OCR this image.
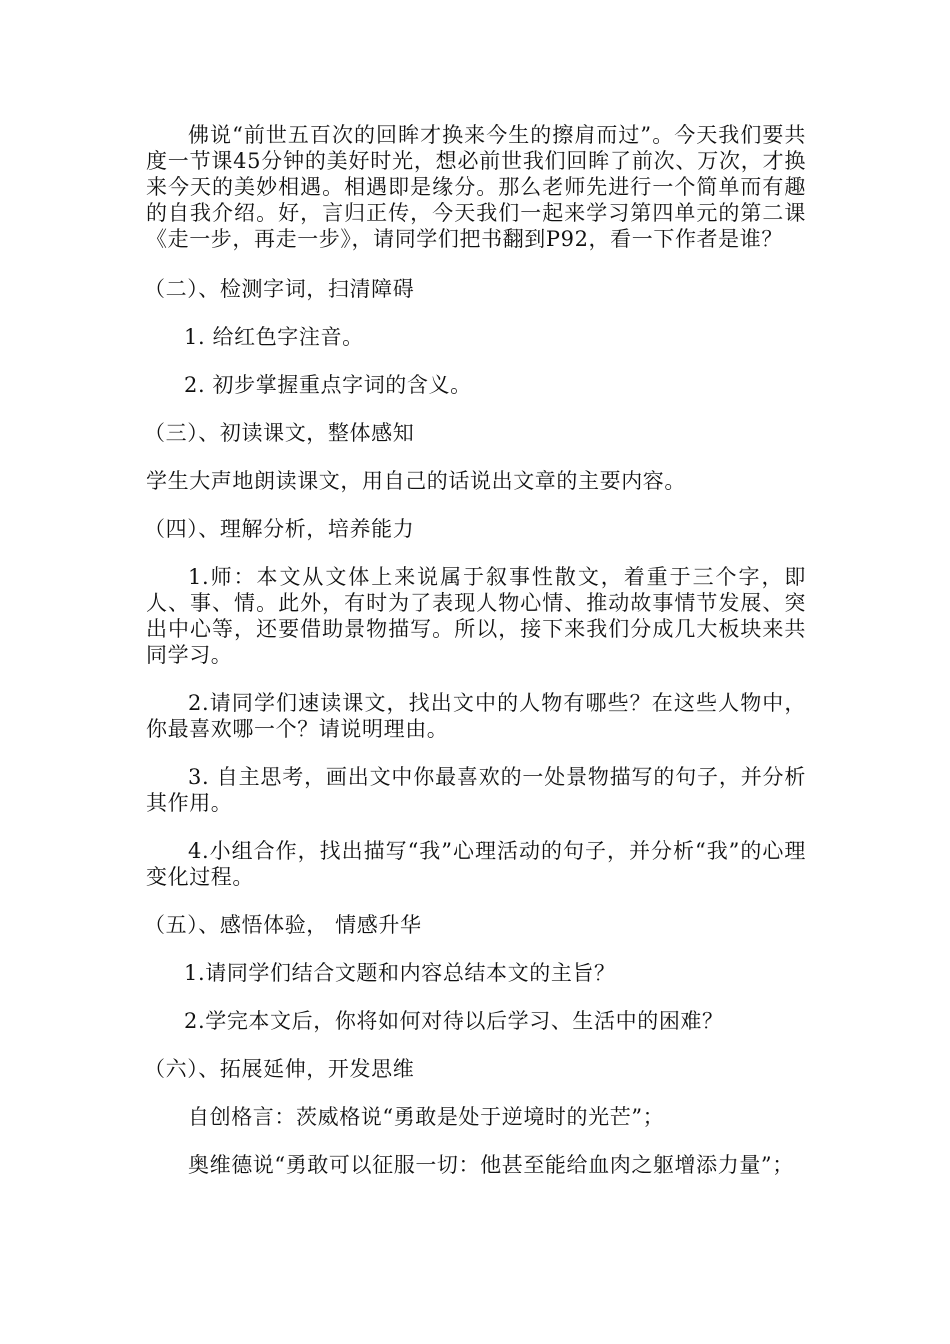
佛说“前世五百次的回眸才换来今生的擦肩而过”。今天我们要共度一节课45分钟的美好时光，想必前世我们回眸了前次、万次，才换来今天的美妙相遇。相遇即是缘分。那么老师先进行一个简单而有趣的自我介绍。好，言归正传，今天我们一起来学习第四单元的第二课《走一步，再走一步》，请同学们把书翻到P92，看一下作者是谁？

（二）、检测字词，扫清障碍

1. 给红色字注音。

2. 初步掌握重点字词的含义。

（三）、初读课文，整体感知

学生大声地朗读课文，用自己的话说出文章的主要内容。

（四）、理解分析，培养能力

1.师：本文从文体上来说属于叙事性散文，着重于三个字，即人、事、情。此外，有时为了表现人物心情、推动故事情节发展、突出中心等，还要借助景物描写。所以，接下来我们分成几大板块来共同学习。

2.请同学们速读课文，找出文中的人物有哪些？在这些人物中，你最喜欢哪一个？请说明理由。

3. 自主思考，画出文中你最喜欢的一处景物描写的句子，并分析其作用。

4.小组合作，找出描写“我”心理活动的句子，并分析“我”的心理变化过程。

（五）、感悟体验， 情感升华

1.请同学们结合文题和内容总结本文的主旨？

2.学完本文后，你将如何对待以后学习、生活中的困难？

（六）、拓展延伸，开发思维

自创格言：茨威格说“勇敢是处于逆境时的光芒”；

奥维德说“勇敢可以征服一切：他甚至能给血肉之躯增添力量”；
